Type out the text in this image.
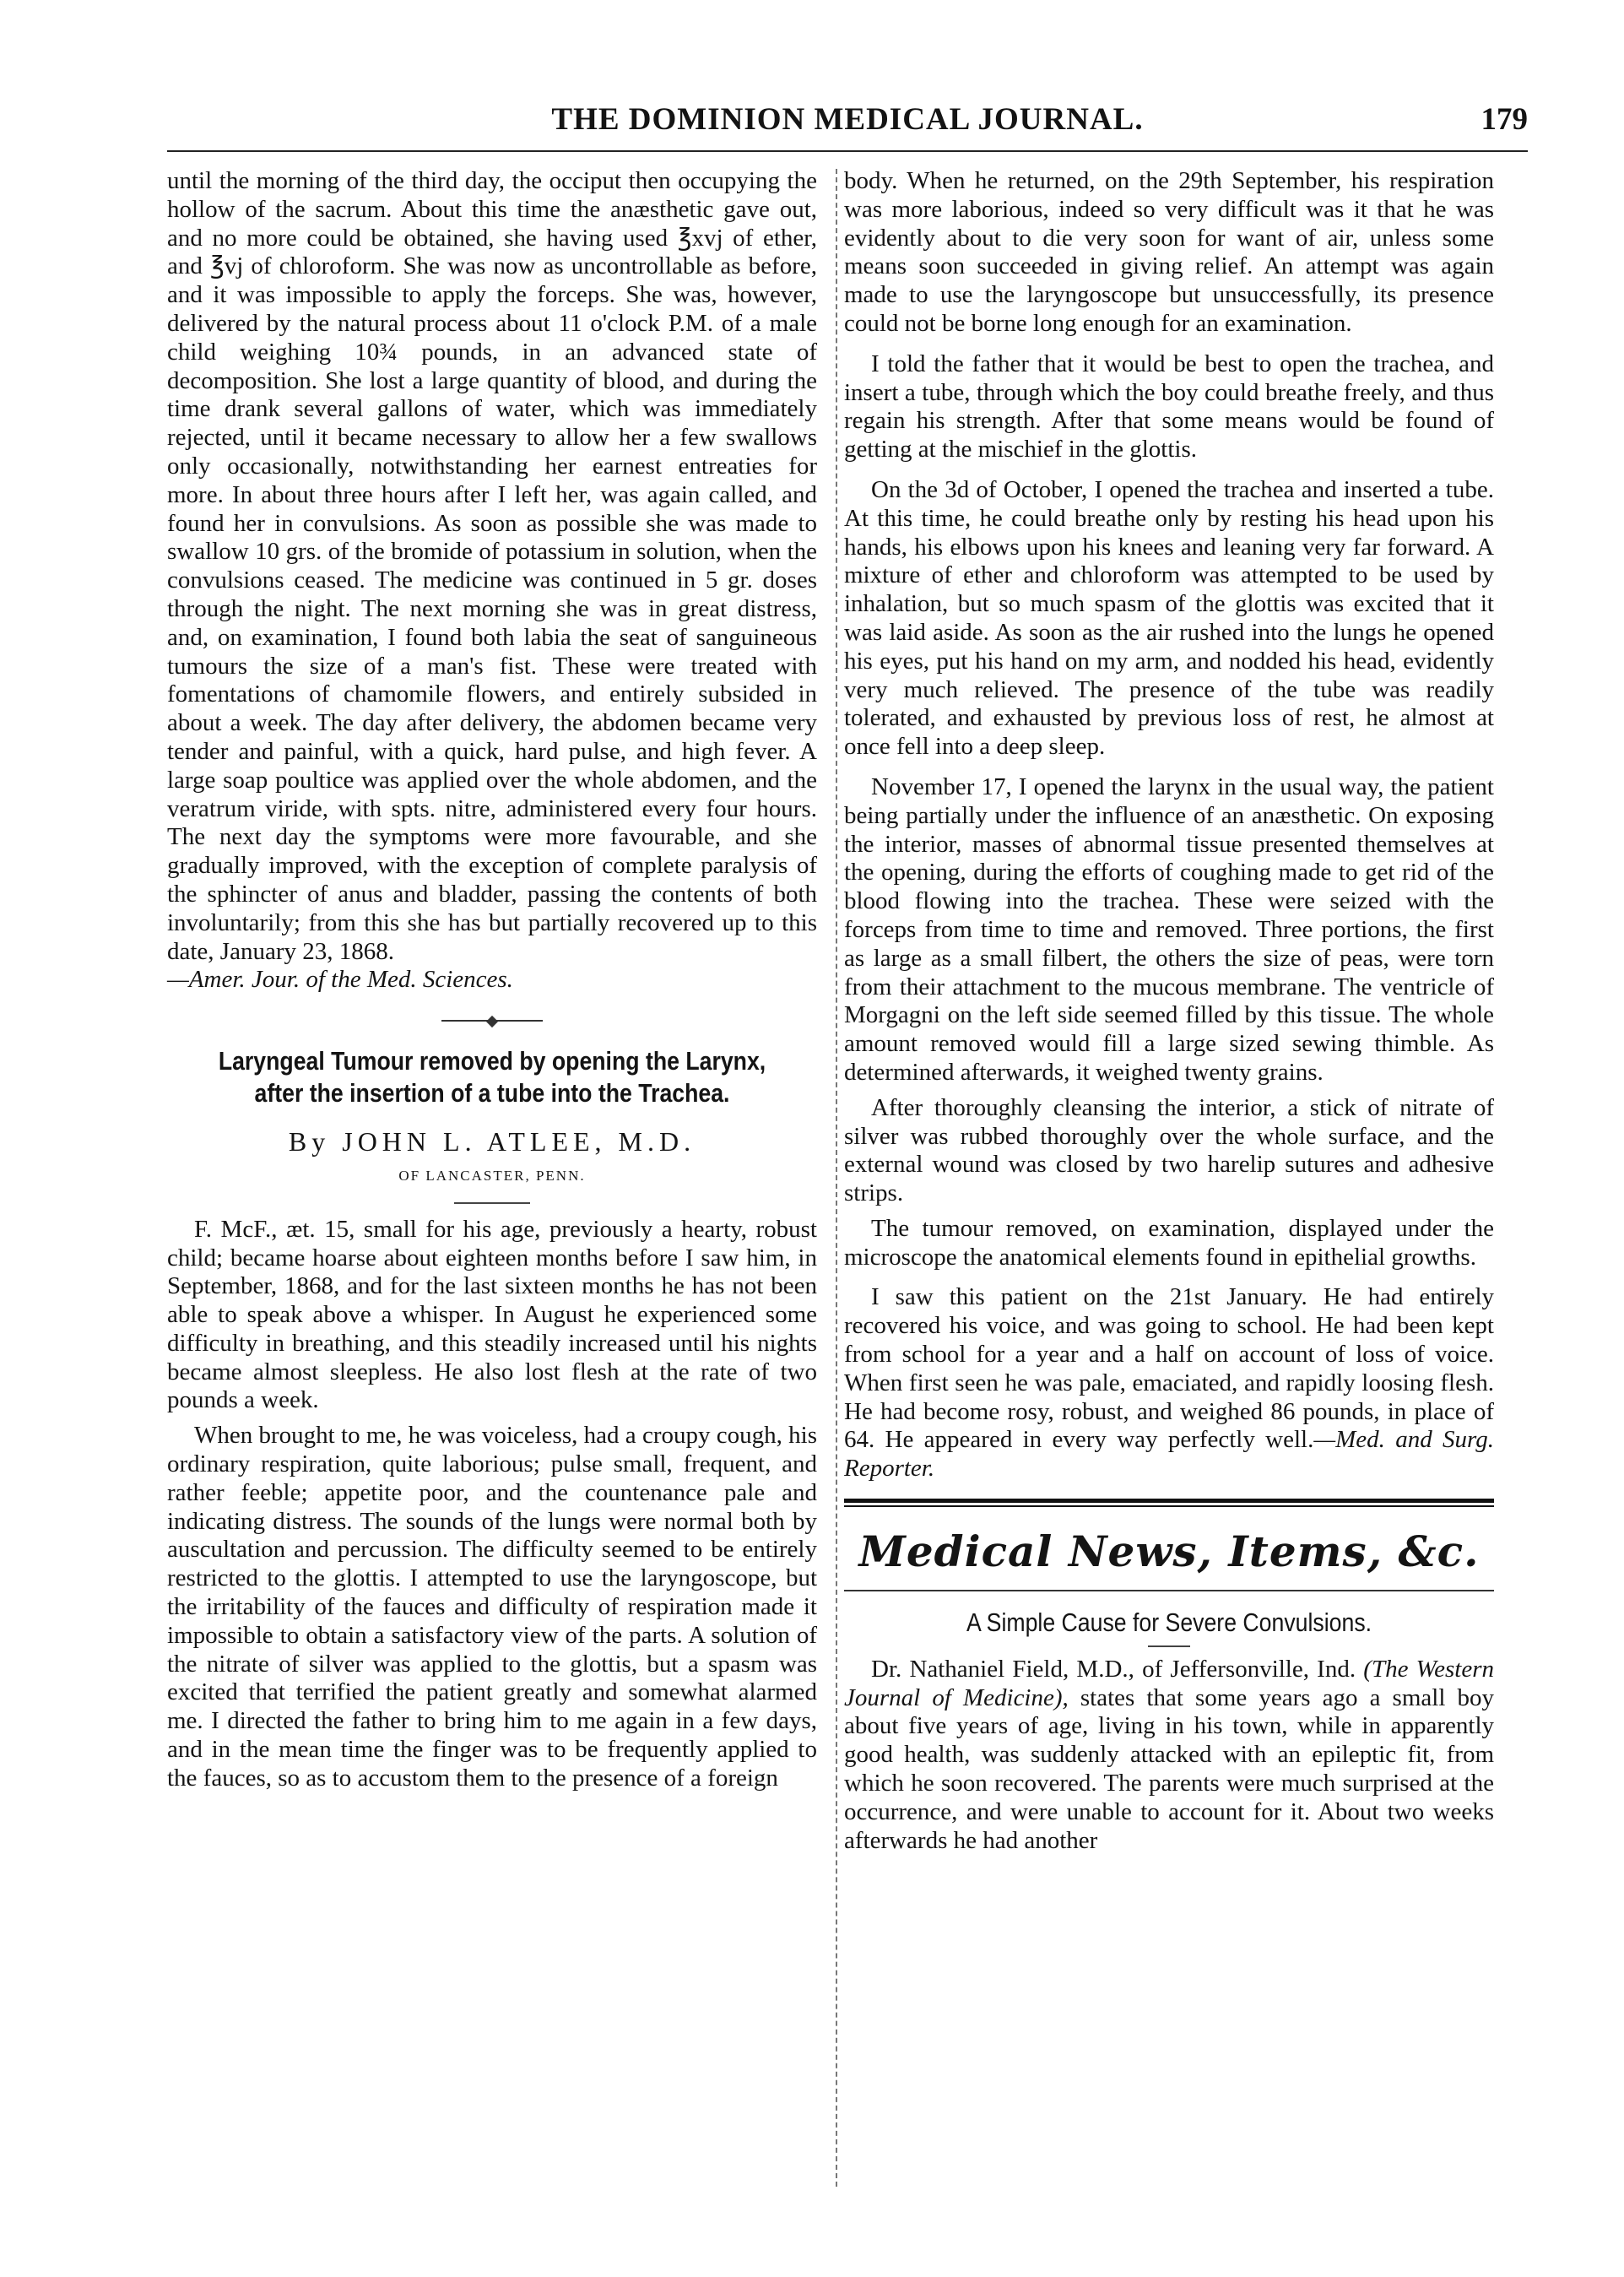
THE DOMINION MEDICAL JOURNAL.	179

until the morning of the third day, the occiput then occupying the hollow of the sacrum. About this time the anæsthetic gave out, and no more could be obtained, she having used ℥xvj of ether, and ℥vj of chloroform. She was now as uncontrollable as before, and it was impossible to apply the forceps. She was, however, delivered by the natural process about 11 o'clock P.M. of a male child weighing 10¾ pounds, in an advanced state of decomposition. She lost a large quantity of blood, and during the time drank several gallons of water, which was immediately rejected, until it became necessary to allow her a few swallows only occasionally, notwithstanding her earnest entreaties for more. In about three hours after I left her, was again called, and found her in convulsions. As soon as possible she was made to swallow 10 grs. of the bromide of potassium in solution, when the convulsions ceased. The medicine was continued in 5 gr. doses through the night. The next morning she was in great distress, and, on examination, I found both labia the seat of sanguineous tumours the size of a man's fist. These were treated with fomentations of chamomile flowers, and entirely subsided in about a week. The day after delivery, the abdomen became very tender and painful, with a quick, hard pulse, and high fever. A large soap poultice was applied over the whole abdomen, and the veratrum viride, with spts. nitre, administered every four hours. The next day the symptoms were more favourable, and she gradually improved, with the exception of complete paralysis of the sphincter of anus and bladder, passing the contents of both involuntarily; from this she has but partially recovered up to this date, January 23, 1868.

—Amer. Jour. of the Med. Sciences.

Laryngeal Tumour removed by opening the Larynx,
after the insertion of a tube into the Trachea.
By JOHN L. ATLEE, M.D.
OF LANCASTER, PENN.

F. McF., æt. 15, small for his age, previously a hearty, robust child; became hoarse about eighteen months before I saw him, in September, 1868, and for the last sixteen months he has not been able to speak above a whisper. In August he experienced some difficulty in breathing, and this steadily increased until his nights became almost sleepless. He also lost flesh at the rate of two pounds a week.

When brought to me, he was voiceless, had a croupy cough, his ordinary respiration, quite laborious; pulse small, frequent, and rather feeble; appetite poor, and the countenance pale and indicating distress. The sounds of the lungs were normal both by auscultation and percussion. The difficulty seemed to be entirely restricted to the glottis. I attempted to use the laryngoscope, but the irritability of the fauces and difficulty of respiration made it impossible to obtain a satisfactory view of the parts. A solution of the nitrate of silver was applied to the glottis, but a spasm was excited that terrified the patient greatly and somewhat alarmed me. I directed the father to bring him to me again in a few days, and in the mean time the finger was to be frequently applied to the fauces, so as to accustom them to the presence of a foreign

body. When he returned, on the 29th September, his respiration was more laborious, indeed so very difficult was it that he was evidently about to die very soon for want of air, unless some means soon succeeded in giving relief. An attempt was again made to use the laryngoscope but unsuccessfully, its presence could not be borne long enough for an examination.

I told the father that it would be best to open the trachea, and insert a tube, through which the boy could breathe freely, and thus regain his strength. After that some means would be found of getting at the mischief in the glottis.

On the 3d of October, I opened the trachea and inserted a tube. At this time, he could breathe only by resting his head upon his hands, his elbows upon his knees and leaning very far forward. A mixture of ether and chloroform was attempted to be used by inhalation, but so much spasm of the glottis was excited that it was laid aside. As soon as the air rushed into the lungs he opened his eyes, put his hand on my arm, and nodded his head, evidently very much relieved. The presence of the tube was readily tolerated, and exhausted by previous loss of rest, he almost at once fell into a deep sleep.

November 17, I opened the larynx in the usual way, the patient being partially under the influence of an anæsthetic. On exposing the interior, masses of abnormal tissue presented themselves at the opening, during the efforts of coughing made to get rid of the blood flowing into the trachea. These were seized with the forceps from time to time and removed. Three portions, the first as large as a small filbert, the others the size of peas, were torn from their attachment to the mucous membrane. The ventricle of Morgagni on the left side seemed filled by this tissue. The whole amount removed would fill a large sized sewing thimble. As determined afterwards, it weighed twenty grains.

After thoroughly cleansing the interior, a stick of nitrate of silver was rubbed thoroughly over the whole surface, and the external wound was closed by two harelip sutures and adhesive strips.

The tumour removed, on examination, displayed under the microscope the anatomical elements found in epithelial growths.

I saw this patient on the 21st January. He had entirely recovered his voice, and was going to school. He had been kept from school for a year and a half on account of loss of voice. When first seen he was pale, emaciated, and rapidly loosing flesh. He had become rosy, robust, and weighed 86 pounds, in place of 64. He appeared in every way perfectly well.—Med. and Surg. Reporter.

Medical News, Items, &c.
A Simple Cause for Severe Convulsions.

Dr. Nathaniel Field, M.D., of Jeffersonville, Ind. (The Western Journal of Medicine), states that some years ago a small boy about five years of age, living in his town, while in apparently good health, was suddenly attacked with an epileptic fit, from which he soon recovered. The parents were much surprised at the occurrence, and were unable to account for it. About two weeks afterwards he had another
